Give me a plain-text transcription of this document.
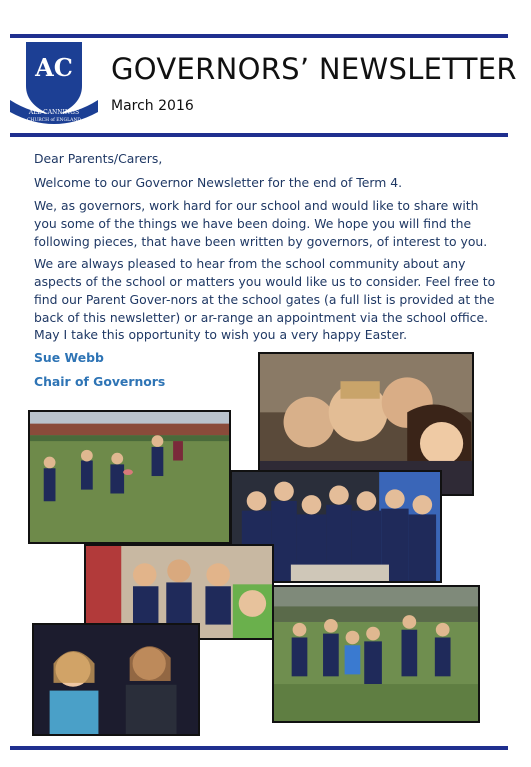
AC
ALL CANNINGS
CHURCH of ENGLAND
GOVERNORS’ NEWSLETTER
March 2016
Dear Parents/Carers,
Welcome to our Governor Newsletter for the end of Term 4.
We, as governors, work hard for our school and would like to share with you some of the things we have been doing. We hope you will find the following pieces, that have been written by governors, of interest to you.
We are always pleased to hear from the school community about any aspects of the school or matters you would like us to consider. Feel free to find our Parent Gover-nors at the school gates (a full list is provided at the back of this newsletter) or ar-range an appointment via the school office.
May I take this opportunity to wish you a very happy Easter.
Sue Webb
Chair of Governors
